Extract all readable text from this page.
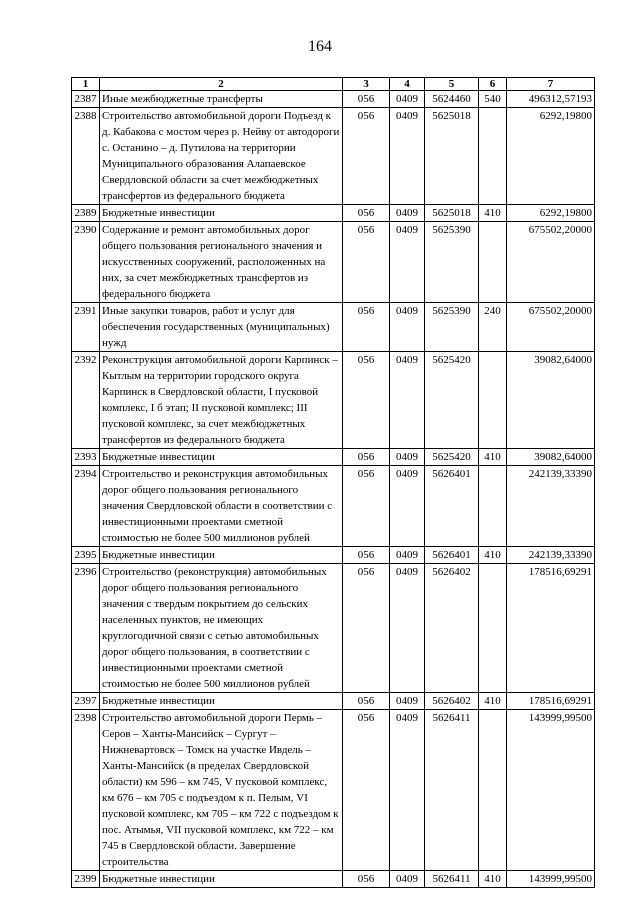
164
1	2	3	4	5	6	7
2387	Иные межбюджетные трансферты	056	0409	5624460	540	496312,57193
2388	Строительство автомобильной дороги Подъезд к д. Кабакова с мостом через р. Нейву от автодороги с. Останино – д. Путилова на территории Муниципального образования Алапаевское Свердловской области за счет межбюджетных трансфертов из федерального бюджета	056	0409	5625018		6292,19800
2389	Бюджетные инвестиции	056	0409	5625018	410	6292,19800
2390	Содержание и ремонт автомобильных дорог общего пользования регионального значения и искусственных сооружений, расположенных на них, за счет межбюджетных трансфертов из федерального бюджета	056	0409	5625390		675502,20000
2391	Иные закупки товаров, работ и услуг для обеспечения государственных (муниципальных) нужд	056	0409	5625390	240	675502,20000
2392	Реконструкция автомобильной дороги Карпинск – Кытлым на территории городского округа Карпинск в Свердловской области, I пусковой комплекс, I б этап; II пусковой комплекс; III пусковой комплекс, за счет межбюджетных трансфертов из федерального бюджета	056	0409	5625420		39082,64000
2393	Бюджетные инвестиции	056	0409	5625420	410	39082,64000
2394	Строительство и реконструкция автомобильных дорог общего пользования регионального значения Свердловской области в соответствии с инвестиционными проектами сметной стоимостью не более 500 миллионов рублей	056	0409	5626401		242139,33390
2395	Бюджетные инвестиции	056	0409	5626401	410	242139,33390
2396	Строительство (реконструкция) автомобильных дорог общего пользования регионального значения с твердым покрытием до сельских населенных пунктов, не имеющих круглогодичной связи с сетью автомобильных дорог общего пользования, в соответствии с инвестиционными проектами сметной стоимостью не более 500 миллионов рублей	056	0409	5626402		178516,69291
2397	Бюджетные инвестиции	056	0409	5626402	410	178516,69291
2398	Строительство автомобильной дороги Пермь – Серов – Ханты-Мансийск – Сургут – Нижневартовск – Томск на участке Ивдель – Ханты-Мансийск (в пределах Свердловской области) км 596 – км 745, V пусковой комплекс, км 676 – км 705 с подъездом к п. Пелым, VI пусковой комплекс, км 705 – км 722 с подъездом к пос. Атымья, VII пусковой комплекс, км 722 – км 745 в Свердловской области. Завершение строительства	056	0409	5626411		143999,99500
2399	Бюджетные инвестиции	056	0409	5626411	410	143999,99500
